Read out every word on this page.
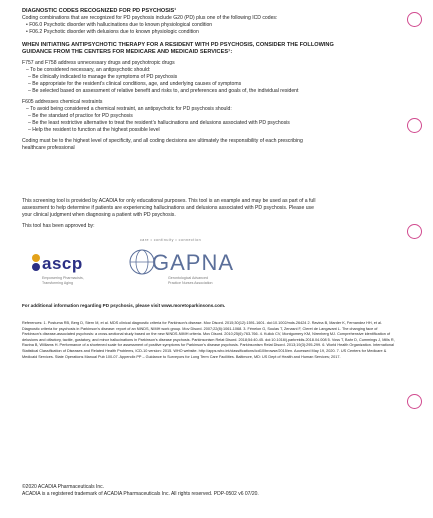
DIAGNOSTIC CODES RECOGNIZED FOR PD PSYCHOSIS¹

Coding combinations that are recognized for PD psychosis include G20 (PD) plus one of the following ICD codes:

• F06.0 Psychotic disorder with hallucinations due to known physiological condition

• F06.2 Psychotic disorder with delusions due to known physiologic condition

WHEN INITIATING ANTIPSYCHOTIC THERAPY FOR A RESIDENT WITH PD PSYCHOSIS, CONSIDER THE FOLLOWING

GUIDANCE FROM THE CENTERS FOR MEDICARE AND MEDICAID SERVICES⁷:

F757 and F758 address unnecessary drugs and psychotropic drugs

– To be considered necessary, an antipsychotic should:

– Be clinically indicated to manage the symptoms of PD psychosis

– Be appropriate for the resident’s clinical conditions, age, and underlying causes of symptoms

– Be selected based on assessment of relative benefit and risks to, and preferences and goals of, the individual resident

F605 addresses chemical restraints

– To avoid being considered a chemical restraint, an antipsychotic for PD psychosis should:

– Be the standard of practice for PD psychosis

– Be the least restrictive alternative to treat the resident’s hallucinations and delusions associated with PD psychosis

– Help the resident to function at the highest possible level

Coding must be to the highest level of specificity, and all coding decisions are ultimately the responsibility of each prescribing

healthcare professional

This screening tool is provided by ACADIA for only educational purposes. This tool is an example and may be used as part of a full

assessment to help determine if patients are experiencing hallucinations and delusions associated with PD psychosis. Please use

your clinical judgment when diagnosing a patient with PD psychosis.

This tool has been approved by:

ascp
Empowering Pharmacists,
Transforming Aging
care • continuity • connection
GAPNA
Gerontological Advanced
Practice Nurses Association

For additional information regarding PD psychosis, please visit www.moretoparkinsons.com.

References: 1. Postuma RB, Berg D, Stern M, et al. MDS clinical diagnostic criteria for Parkinson’s disease. Mov Disord. 2015;30(12):1591-1601. doi:10.1002/mds.26424 2. Ravina B, Marder K, Fernandez HH, et al. Diagnostic criteria for psychosis in Parkinson’s disease: report of an NINDS, NIMH work group. Mov Disord. 2007;22(8):1061-1068. 3. Fénelon G, Soulas T, Zenasni F, Cleret de Langavant L. The changing face of Parkinson’s disease-associated psychosis: a cross-sectional study based on the new NINDS-NIMH criteria. Mov Disord. 2010;25(6):763-766. 4. Kulick CV, Montgomery KM, Nirenberg MJ. Comprehensive identification of delusions and olfactory, tactile, gustatory, and minor hallucinations in Parkinson’s disease psychosis. Parkinsonism Relat Disord. 2018;54:40-45. doi:10.1016/j.parkreldis.2018.04.008 5. Voss T, Bahr D, Cummings J, Mills R, Ravina B, Williams H. Performance of a shortened scale for assessment of positive symptoms for Parkinson’s disease psychosis. Parkinsonism Relat Disord. 2013;19(3):295-299. 6. World Health Organization. International Statistical Classification of Diseases and Related Health Problems, ICD-10 version: 2015. WHO website. http://apps.who.int/classifications/icd10/browse/2015/en. Accessed May 19, 2020. 7. US Centers for Medicare & Medicaid Services. State Operations Manual Pub 100-07. Appendix PP – Guidance to Surveyors for Long Term Care Facilities. Baltimore, MD: US Dept of Health and Human Services; 2017.

©2020 ACADIA Pharmaceuticals Inc.

ACADIA is a registered trademark of ACADIA Pharmaceuticals Inc. All rights reserved. PDP-0502 v6 07/20.
